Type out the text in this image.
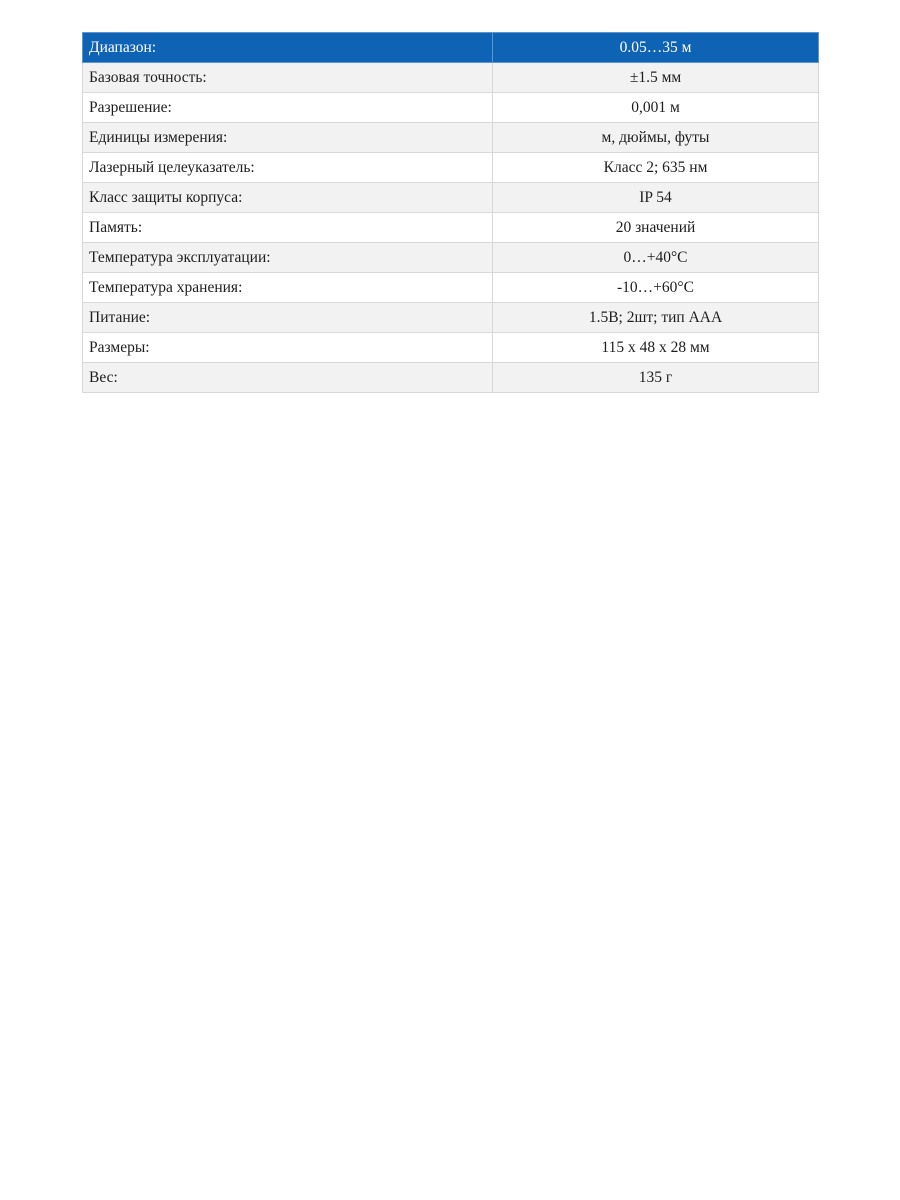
Диапазон:	0.05…35 м
Базовая точность:	±1.5 мм
Разрешение:	0,001 м
Единицы измерения:	м, дюймы, футы
Лазерный целеуказатель:	Класс 2; 635 нм
Класс защиты корпуса:	IP 54
Память:	20 значений
Температура эксплуатации:	0…+40°C
Температура хранения:	-10…+60°C
Питание:	1.5В; 2шт; тип AAA
Размеры:	115 x 48 x 28 мм
Вес:	135 г
